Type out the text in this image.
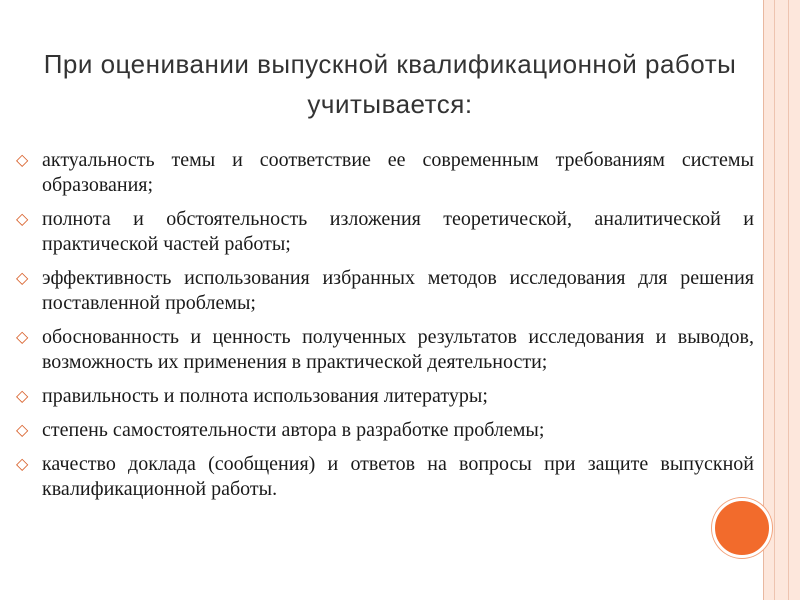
При оценивании выпускной квалификационной работы учитывается:
◇ актуальность темы и соответствие ее современным требованиям системы образования;
◇ полнота и обстоятельность изложения теоретической, аналитической и практической частей работы;
◇ эффективность использования избранных методов исследования для решения поставленной проблемы;
◇ обоснованность и ценность полученных результатов исследования и выводов, возможность их применения в практической деятельности;
◇ правильность и полнота использования литературы;
◇ степень самостоятельности автора в разработке проблемы;
◇ качество доклада (сообщения) и ответов на вопросы при защите выпускной квалификационной работы.
